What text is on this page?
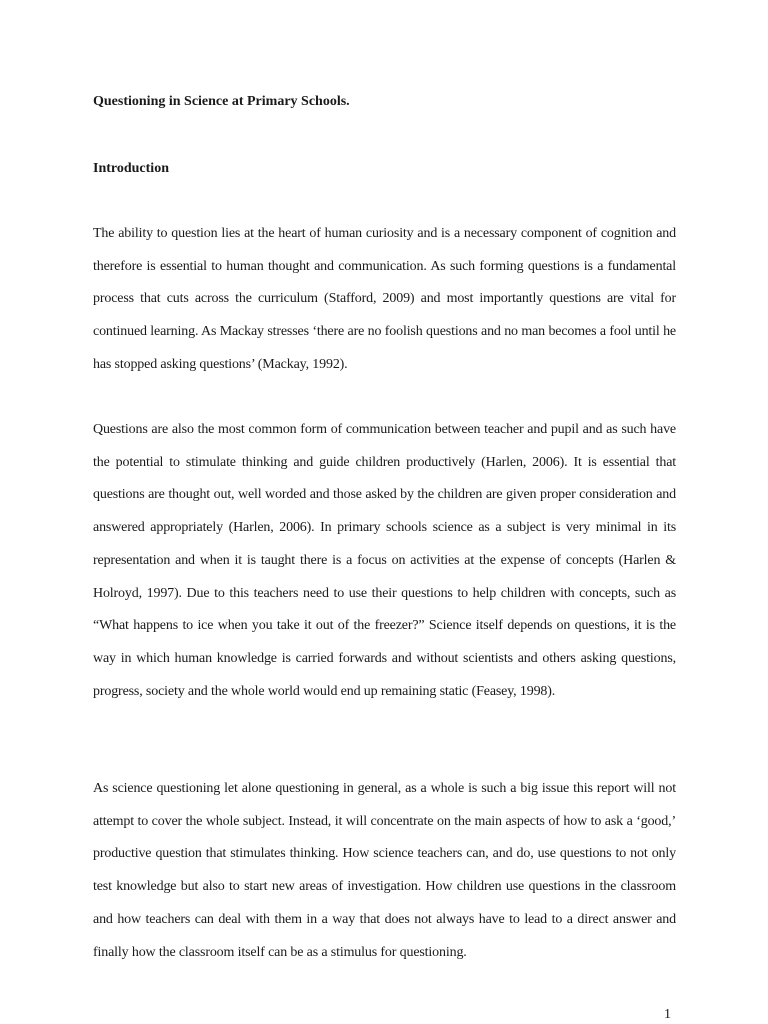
Questioning in Science at Primary Schools.
Introduction

The ability to question lies at the heart of human curiosity and is a necessary component of cognition and therefore is essential to human thought and communication. As such forming questions is a fundamental process that cuts across the curriculum (Stafford, 2009) and most importantly questions are vital for continued learning. As Mackay stresses ‘there are no foolish questions and no man becomes a fool until he has stopped asking questions’ (Mackay, 1992).

Questions are also the most common form of communication between teacher and pupil and as such have the potential to stimulate thinking and guide children productively (Harlen, 2006). It is essential that questions are thought out, well worded and those asked by the children are given proper consideration and answered appropriately (Harlen, 2006). In primary schools science as a subject is very minimal in its representation and when it is taught there is a focus on activities at the expense of concepts (Harlen & Holroyd, 1997). Due to this teachers need to use their questions to help children with concepts, such as “What happens to ice when you take it out of the freezer?” Science itself depends on questions, it is the way in which human knowledge is carried forwards and without scientists and others asking questions, progress, society and the whole world would end up remaining static (Feasey, 1998).

As science questioning let alone questioning in general, as a whole is such a big issue this report will not attempt to cover the whole subject. Instead, it will concentrate on the main aspects of how to ask a ‘good,’ productive question that stimulates thinking. How science teachers can, and do, use questions to not only test knowledge but also to start new areas of investigation. How children use questions in the classroom and how teachers can deal with them in a way that does not always have to lead to a direct answer and finally how the classroom itself can be as a stimulus for questioning.

1
